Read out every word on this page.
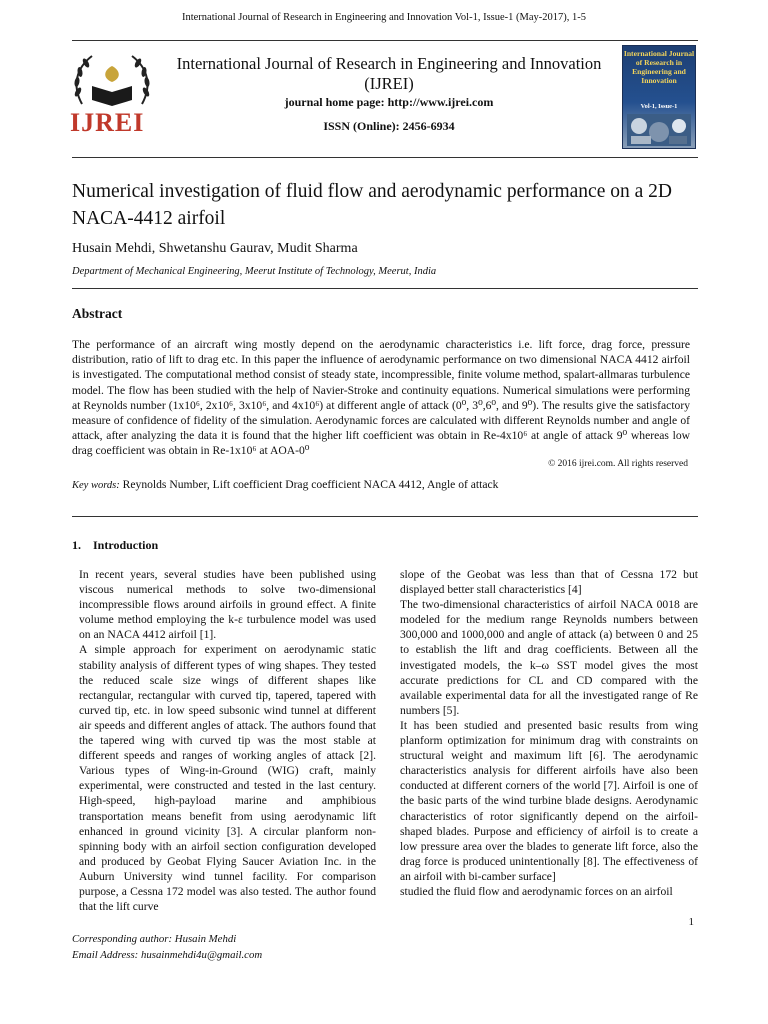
International Journal of Research in Engineering and Innovation Vol-1, Issue-1 (May-2017), 1-5
IJREI
International Journal of Research in Engineering and Innovation
(IJREI)
journal home page: http://www.ijrei.com
ISSN (Online): 2456-6934
International Journal of Research in Engineering and Innovation
Vol-1, Issue-1
Numerical investigation of fluid flow and aerodynamic performance on a 2D NACA-4412 airfoil
Husain Mehdi, Shwetanshu Gaurav, Mudit Sharma
Department of Mechanical Engineering, Meerut Institute of Technology, Meerut, India
Abstract
The performance of an aircraft wing mostly depend on the aerodynamic characteristics i.e. lift force, drag force, pressure distribution, ratio of lift to drag etc. In this paper the influence of aerodynamic performance on two dimensional NACA 4412 airfoil is investigated. The computational method consist of steady state, incompressible, finite volume method, spalart-allmaras turbulence model. The flow has been studied with the help of Navier-Stroke and continuity equations. Numerical simulations were performing at Reynolds number (1x10⁶, 2x10⁶, 3x10⁶, and 4x10⁶) at different angle of attack (0⁰, 3⁰,6⁰, and 9⁰). The results give the satisfactory measure of confidence of fidelity of the simulation. Aerodynamic forces are calculated with different Reynolds number and angle of attack, after analyzing the data it is found that the higher lift coefficient was obtain in Re-4x10⁶ at angle of attack 9⁰ whereas low drag coefficient was obtain in Re-1x10⁶ at AOA-0⁰
© 2016 ijrei.com. All rights reserved
Key words: Reynolds Number, Lift coefficient Drag coefficient NACA 4412, Angle of attack
1.    Introduction

In recent years, several studies have been published using viscous numerical methods to solve two-dimensional incompressible flows around airfoils in ground effect. A finite volume method employing the k-ε turbulence model was used on an NACA 4412 airfoil [1].

A simple approach for experiment on aerodynamic static stability analysis of different types of wing shapes. They tested the reduced scale size wings of different shapes like rectangular, rectangular with curved tip, tapered, tapered with curved tip, etc. in low speed subsonic wind tunnel at different air speeds and different angles of attack. The authors found that the tapered wing with curved tip was the most stable at different speeds and ranges of working angles of attack [2]. Various types of Wing-in-Ground (WIG) craft, mainly experimental, were constructed and tested in the last century. High-speed, high-payload marine and amphibious transportation means benefit from using aerodynamic lift enhanced in ground vicinity [3]. A circular planform non-spinning body with an airfoil section configuration developed and produced by Geobat Flying Saucer Aviation Inc. in the Auburn University wind tunnel facility. For comparison purpose, a Cessna 172 model was also tested. The author found that the lift curve

slope of the Geobat was less than that of Cessna 172 but displayed better stall characteristics [4]

The two-dimensional characteristics of airfoil NACA 0018 are modeled for the medium range Reynolds numbers between 300,000 and 1000,000 and angle of attack (a) between 0 and 25 to establish the lift and drag coefficients. Between all the investigated models, the k–ω SST model gives the most accurate predictions for CL and CD compared with the available experimental data for all the investigated range of Re numbers [5].

It has been studied and presented basic results from wing planform optimization for minimum drag with constraints on structural weight and maximum lift [6]. The aerodynamic characteristics analysis for different airfoils have also been conducted at different corners of the world [7]. Airfoil is one of the basic parts of the wind turbine blade designs. Aerodynamic characteristics of rotor significantly depend on the airfoil-shaped blades. Purpose and efficiency of airfoil is to create a low pressure area over the blades to generate lift force, also the drag force is produced unintentionally [8]. The effectiveness of an airfoil with bi-camber surface]

studied the fluid flow and aerodynamic forces on an airfoil

1
Corresponding author: Husain Mehdi
Email Address: husainmehdi4u@gmail.com
